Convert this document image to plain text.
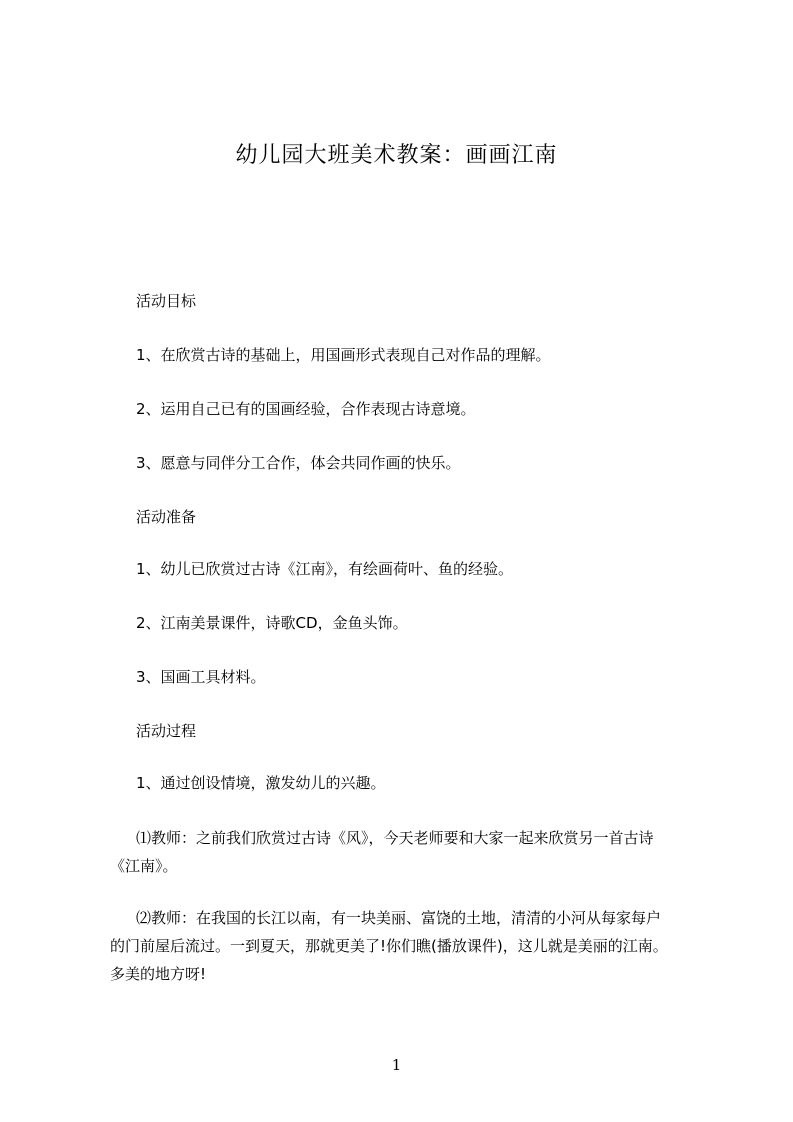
幼儿园大班美术教案：画画江南
活动目标
1、在欣赏古诗的基础上，用国画形式表现自己对作品的理解。
2、运用自己已有的国画经验，合作表现古诗意境。
3、愿意与同伴分工合作，体会共同作画的快乐。
活动准备
1、幼儿已欣赏过古诗《江南》，有绘画荷叶、鱼的经验。
2、江南美景课件，诗歌CD，金鱼头饰。
3、国画工具材料。
活动过程
1、通过创设情境，激发幼儿的兴趣。
⑴教师：之前我们欣赏过古诗《风》，今天老师要和大家一起来欣赏另一首古诗
《江南》。
⑵教师：在我国的长江以南，有一块美丽、富饶的土地，清清的小河从每家每户
的门前屋后流过。一到夏天，那就更美了!你们瞧(播放课件)，这儿就是美丽的江南。
多美的地方呀!
1
